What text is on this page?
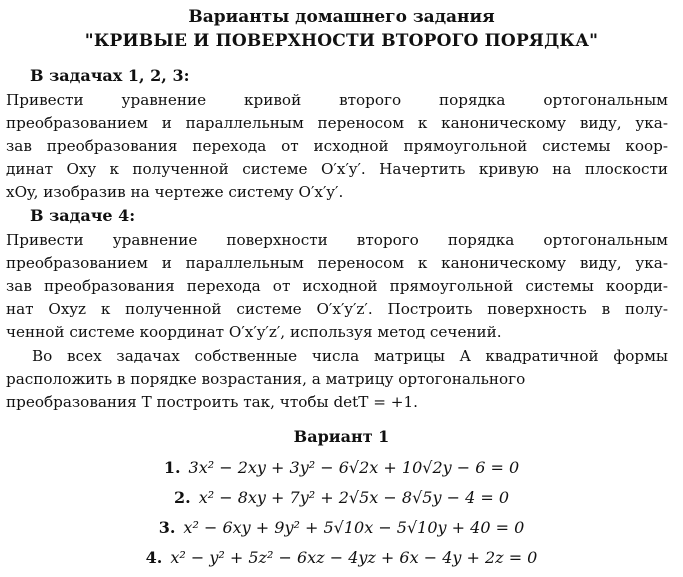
Варианты домашнего задания
"КРИВЫЕ И ПОВЕРХНОСТИ ВТОРОГО ПОРЯДКА"
В задачах 1, 2, 3:
Привести уравнение кривой второго порядка ортогональным
преобразованием и параллельным переносом к каноническому виду, ука-
зав преобразования перехода от исходной прямоугольной системы коор-
динат Oxy к полученной системе O′x′y′. Начертить кривую на плоскости
xOy, изобразив на чертеже систему O′x′y′.
В задаче 4:
Привести уравнение поверхности второго порядка ортогональным
преобразованием и параллельным переносом к каноническому виду, ука-
зав преобразования перехода от исходной прямоугольной системы коорди-
нат Oxyz к полученной системе O′x′y′z′. Построить поверхность в полу-
ченной системе координат O′x′y′z′, используя метод сечений.
Во всех задачах собственные числа матрицы A квадратичной формы
расположить в порядке возрастания, а матрицу ортогонального
преобразования T построить так, чтобы detT = +1.
Вариант 1
1. 3x² − 2xy + 3y² − 6√2x + 10√2y − 6 = 0
2. x² − 8xy + 7y² + 2√5x − 8√5y − 4 = 0
3. x² − 6xy + 9y² + 5√10x − 5√10y + 40 = 0
4. x² − y² + 5z² − 6xz − 4yz + 6x − 4y + 2z = 0
